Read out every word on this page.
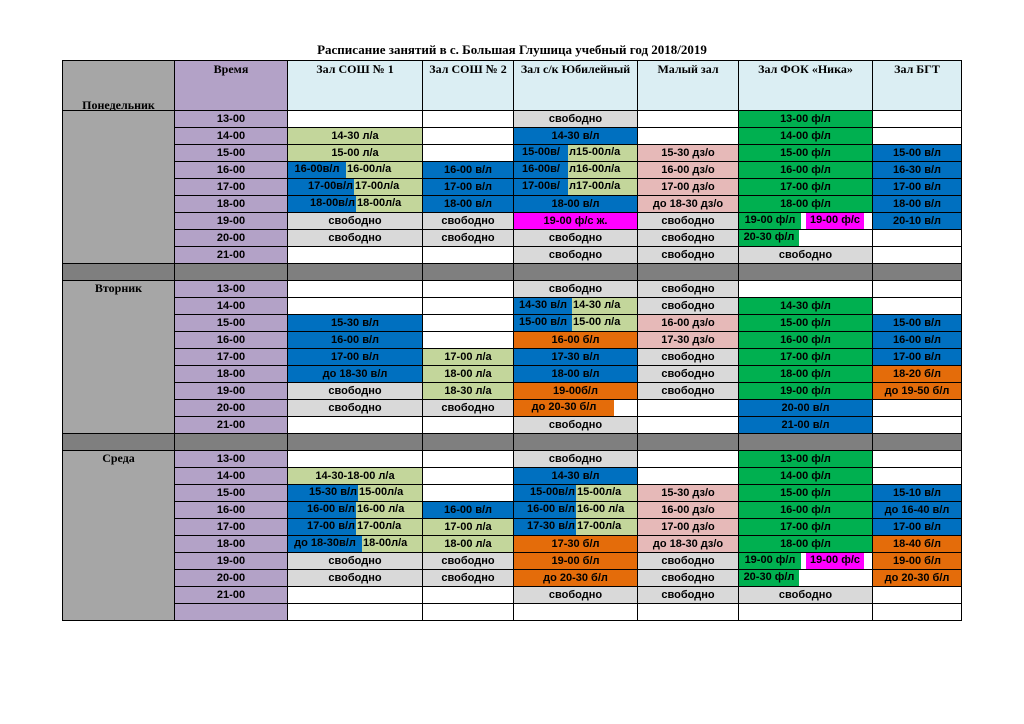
Расписание занятий в с. Большая Глушица учебный год 2018/2019
	Время	Зал СОШ № 1	Зал СОШ № 2	Зал с/к Юбилейный	Малый зал	Зал ФОК «Ника»	Зал БГТ

Понедельник							

	13-00			свободно		13-00 ф/л	
	14-00	14-30 л/а		14-30 в/л		14-00 ф/л	
	15-00	15-00 л/а		15-00в/ л15-00л/а	15-30 дз/о	15-00 ф/л	15-00 в/л
	16-00	16-00в/л 16-00л/а	16-00 в/л	16-00в/ л16-00л/а	16-00 дз/о	16-00 ф/л	16-30 в/л
	17-00	17-00в/л 17-00л/а	17-00 в/л	17-00в/ л17-00л/а	17-00 дз/о	17-00 ф/л	17-00 в/л
	18-00	18-00в/л 18-00л/а	18-00 в/л	18-00 в/л	до 18-30 дз/о	18-00 ф/л	18-00 в/л
	19-00	свободно	свободно	19-00 ф/с ж.	свободно	19-00 ф/л 19-00 ф/с	20-10 в/л
	20-00	свободно	свободно	свободно	свободно	20-30 ф/л	

	21-00			свободно	свободно	свободно	

Вторник	13-00			свободно	свободно		
	14-00			14-30 в/л 14-30 л/а	свободно	14-30 ф/л	
	15-00	15-30 в/л		15-00 в/л 15-00 л/а	16-00 дз/о	15-00 ф/л	15-00 в/л
	16-00	16-00 в/л		16-00 б/л	17-30 дз/о	16-00 ф/л	16-00 в/л
	17-00	17-00 в/л	17-00 л/а	17-30 в/л	свободно	17-00 ф/л	17-00 в/л
	18-00	до 18-30 в/л	18-00 л/а	18-00 в/л	свободно	18-00 ф/л	18-20 б/л
	19-00	свободно	18-30 л/а	19-00б/л	свободно	19-00 ф/л	до 19-50 б/л
	20-00	свободно	свободно	до 20-30 б/л		20-00 в/л	
	21-00			свободно		21-00 в/л	

Среда	13-00			свободно		13-00 ф/л	
	14-00	14-30-18-00 л/а		14-30 в/л		14-00 ф/л	
	15-00	15-30 в/л 15-00л/а		15-00в/л 15-00л/а	15-30 дз/о	15-00 ф/л	15-10 в/л
	16-00	16-00 в/л 16-00 л/а	16-00 в/л	16-00 в/л 16-00 л/а	16-00 дз/о	16-00 ф/л	до 16-40 в/л
	17-00	17-00 в/л 17-00л/а	17-00 л/а	17-30 в/л 17-00л/а	17-00 дз/о	17-00 ф/л	17-00 в/л
	18-00	до 18-30в/л 18-00л/а	18-00 л/а	17-30 б/л	до 18-30 дз/о	18-00 ф/л	18-40 б/л
	19-00	свободно	свободно	19-00 б/л	свободно	19-00 ф/л 19-00 ф/с	19-00 б/л
	20-00	свободно	свободно	до 20-30 б/л	свободно	20-30 ф/л	до 20-30 б/л
	21-00			свободно	свободно	свободно	
